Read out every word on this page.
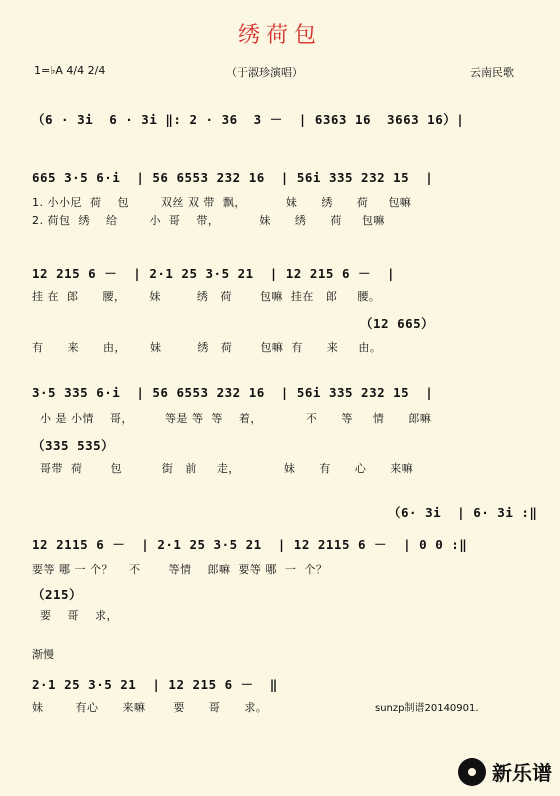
绣荷包
1=♭A 4/4 2/4	（于淑珍演唱）	云南民歌
（6 · 3i  6 · 3i ‖: 2 · 36  3 －  | 6363 16  3663 16）|
665 3·5 6·i  | 56 6553 232 16  | 56i 335 232 15  |
1. 小小尼  荷    包        双丝 双 带  飘，          妹      绣      荷     包嘛
2. 荷包  绣    给        小  哥    带，          妹      绣      荷     包嘛
12 215 6 －  | 2·1 25 3·5 21  | 12 215 6 －  |
挂 在  郎      腰，      妹         绣   荷       包嘛  挂在   郎     腰。
（12 665）
有      来      由，      妹         绣   荷       包嘛  有      来     由。
3·5 335 6·i  | 56 6553 232 16  | 56i 335 232 15  |
小 是 小情    哥，        等是 等  等    着，           不      等     情      郎嘛
（335 535）
哥带  荷       包          街   前     走，           妹      有      心      来嘛
（6· 3i  | 6· 3i :‖
12 2115 6 －  | 2·1 25 3·5 21  | 12 2115 6 －  | 0 0 :‖
要等 哪 一 个？    不       等情    郎嘛  要等 哪  一  个？
（215）
要    哥    求，
渐慢
2·1 25 3·5 21  | 12 215 6 －  ‖
妹        有心      来嘛       要      哥      求。	sunzp制谱20140901.
新乐谱
